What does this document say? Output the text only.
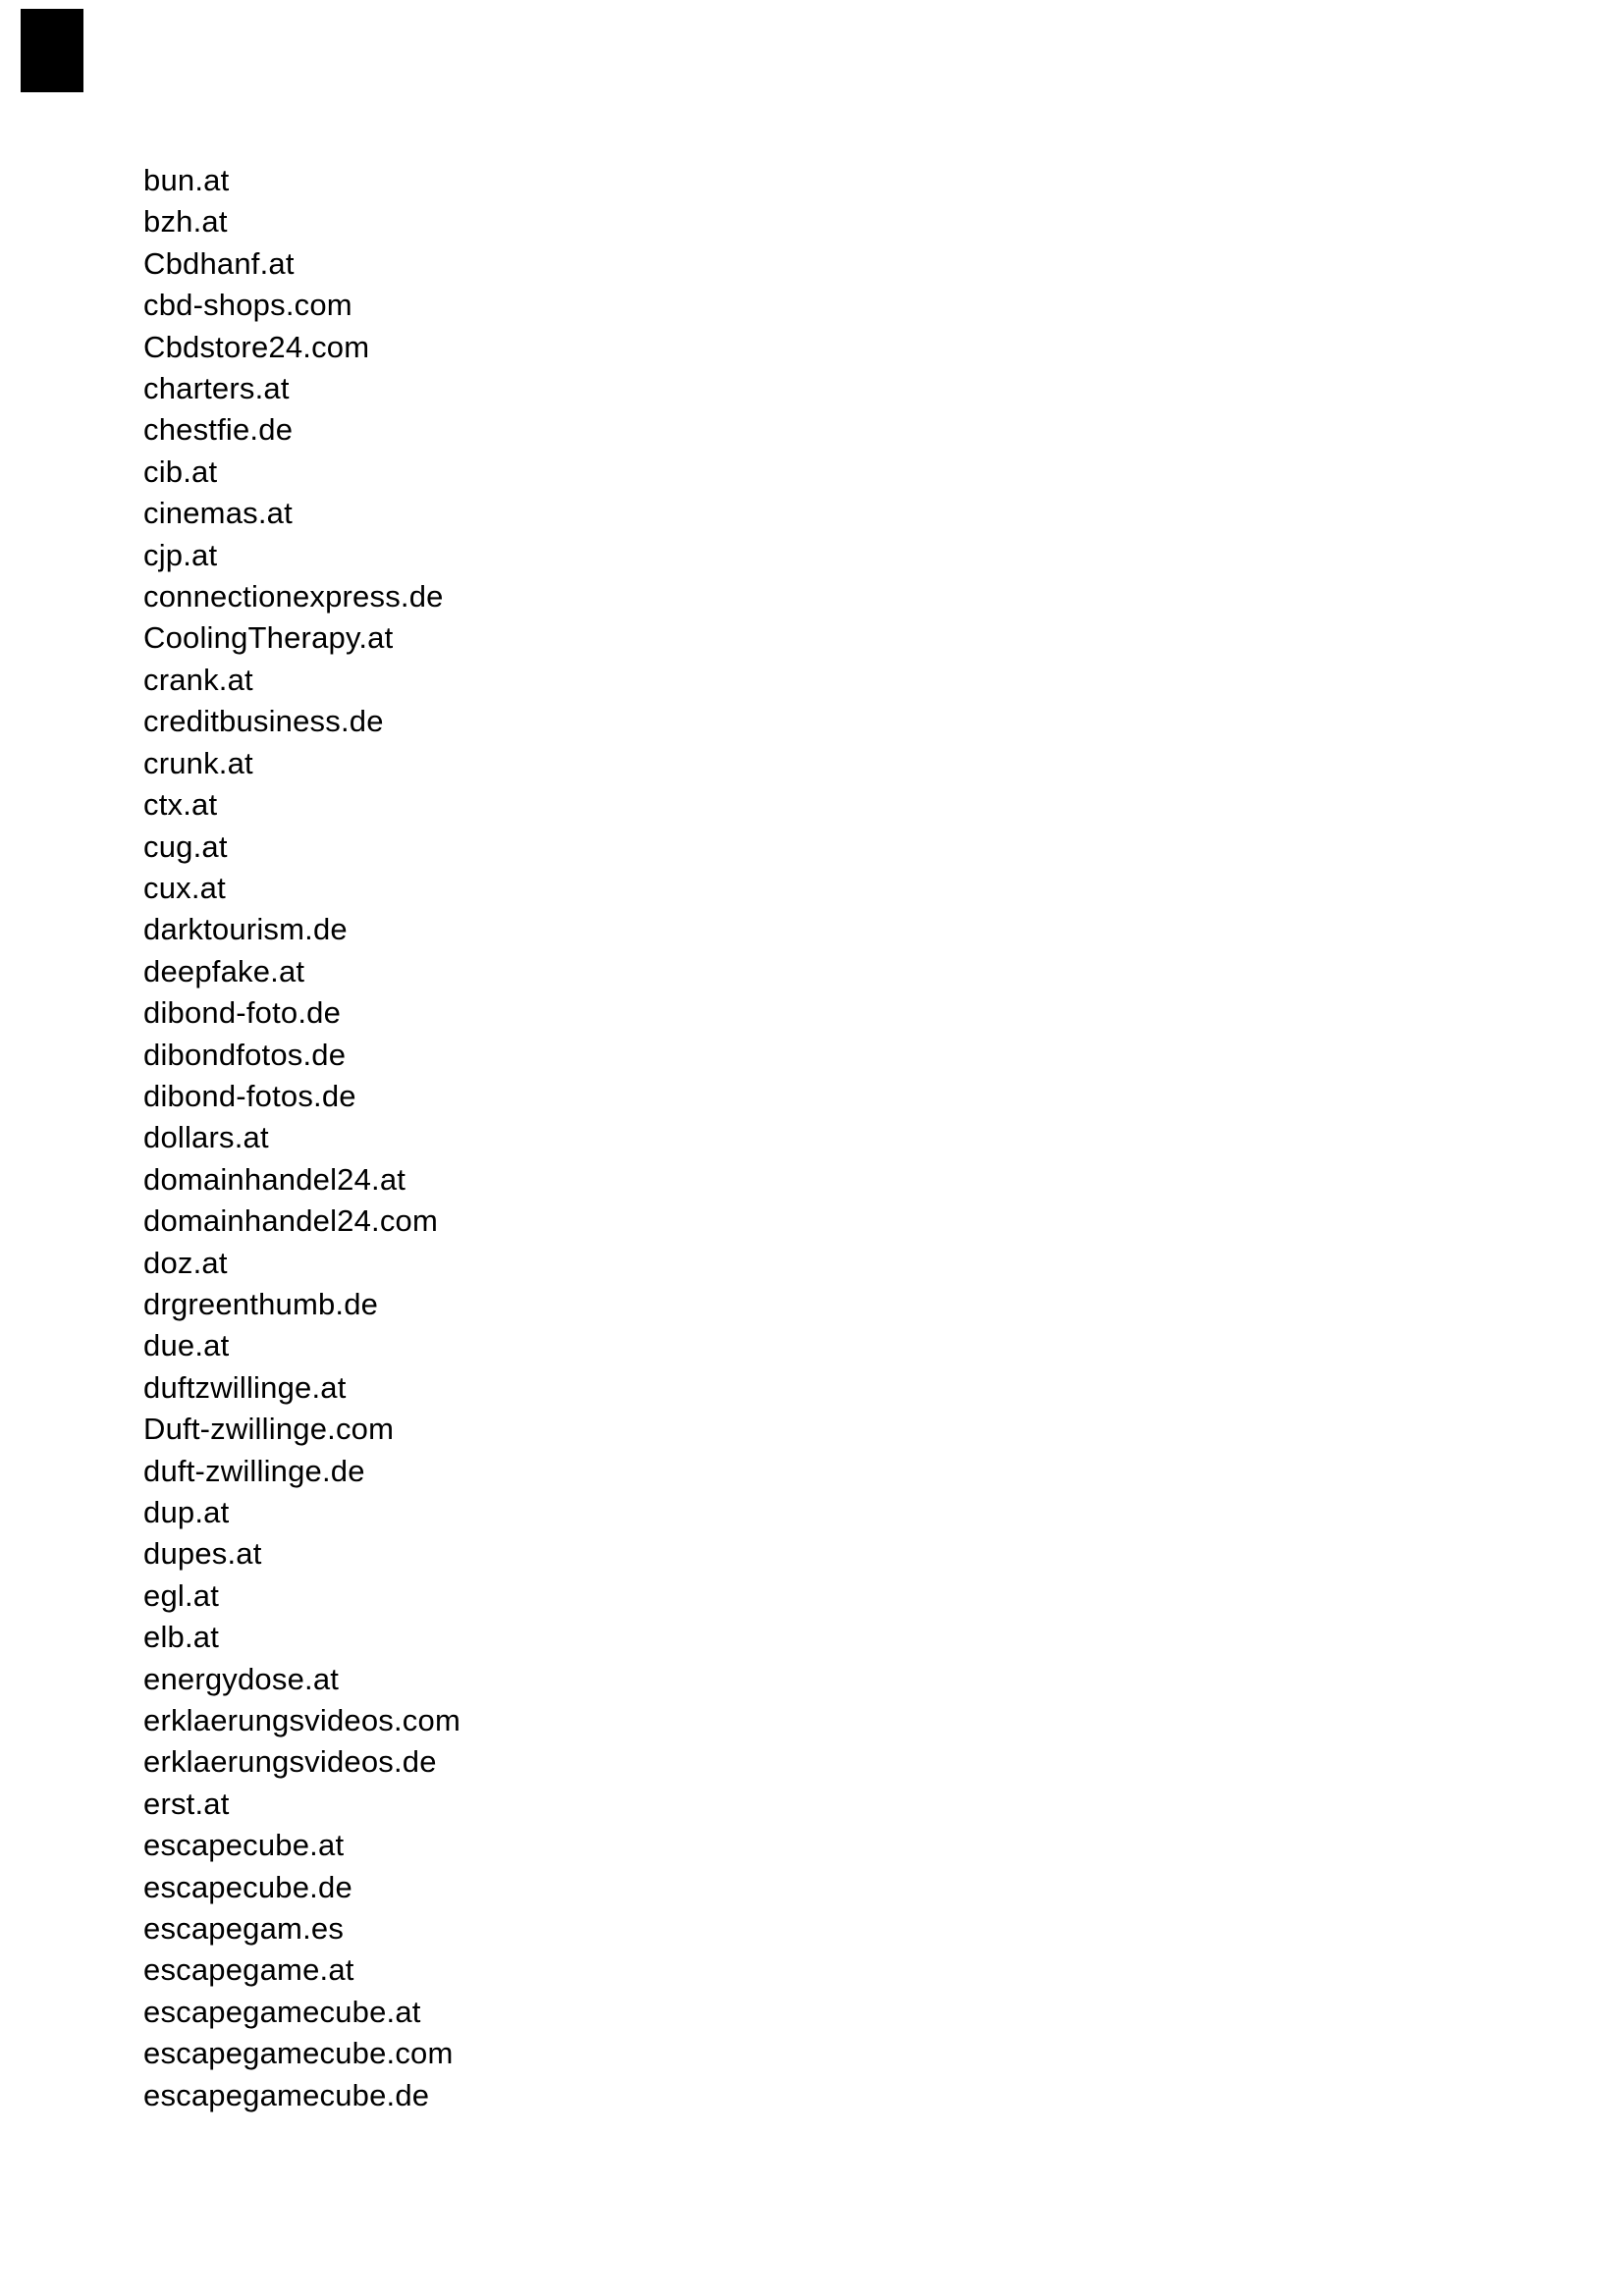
bun.at
bzh.at
Cbdhanf.at
cbd-shops.com
Cbdstore24.com
charters.at
chestfie.de
cib.at
cinemas.at
cjp.at
connectionexpress.de
CoolingTherapy.at
crank.at
creditbusiness.de
crunk.at
ctx.at
cug.at
cux.at
darktourism.de
deepfake.at
dibond-foto.de
dibondfotos.de
dibond-fotos.de
dollars.at
domainhandel24.at
domainhandel24.com
doz.at
drgreenthumb.de
due.at
duftzwillinge.at
Duft-zwillinge.com
duft-zwillinge.de
dup.at
dupes.at
egl.at
elb.at
energydose.at
erklaerungsvideos.com
erklaerungsvideos.de
erst.at
escapecube.at
escapecube.de
escapegam.es
escapegame.at
escapegamecube.at
escapegamecube.com
escapegamecube.de
